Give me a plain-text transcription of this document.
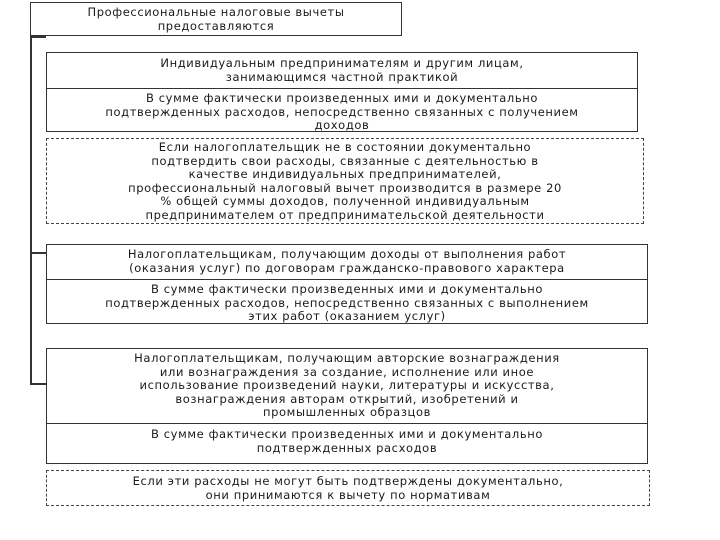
Профессиональные налоговые вычеты
предоставляются
Индивидуальным предпринимателям и другим лицам,
занимающимся частной практикой
В сумме фактически произведенных ими и документально
подтвержденных расходов, непосредственно связанных с получением
доходов
Если налогоплательщик не в состоянии документально
подтвердить свои расходы, связанные с деятельностью в
качестве индивидуальных предпринимателей,
профессиональный налоговый вычет производится в размере 20
% общей суммы доходов, полученной индивидуальным
предпринимателем от предпринимательской деятельности
Налогоплательщикам, получающим доходы от выполнения работ
(оказания услуг) по договорам гражданско-правового характера
В сумме фактически произведенных ими и документально
подтвержденных расходов, непосредственно связанных с выполнением
этих работ (оказанием услуг)
Налогоплательщикам, получающим авторские вознаграждения
или вознаграждения за создание, исполнение или иное
использование произведений науки, литературы и искусства,
вознаграждения авторам открытий, изобретений и
промышленных образцов
В сумме фактически произведенных ими и документально
подтвержденных расходов
Если эти расходы не могут быть подтверждены документально,
они принимаются к вычету по нормативам
